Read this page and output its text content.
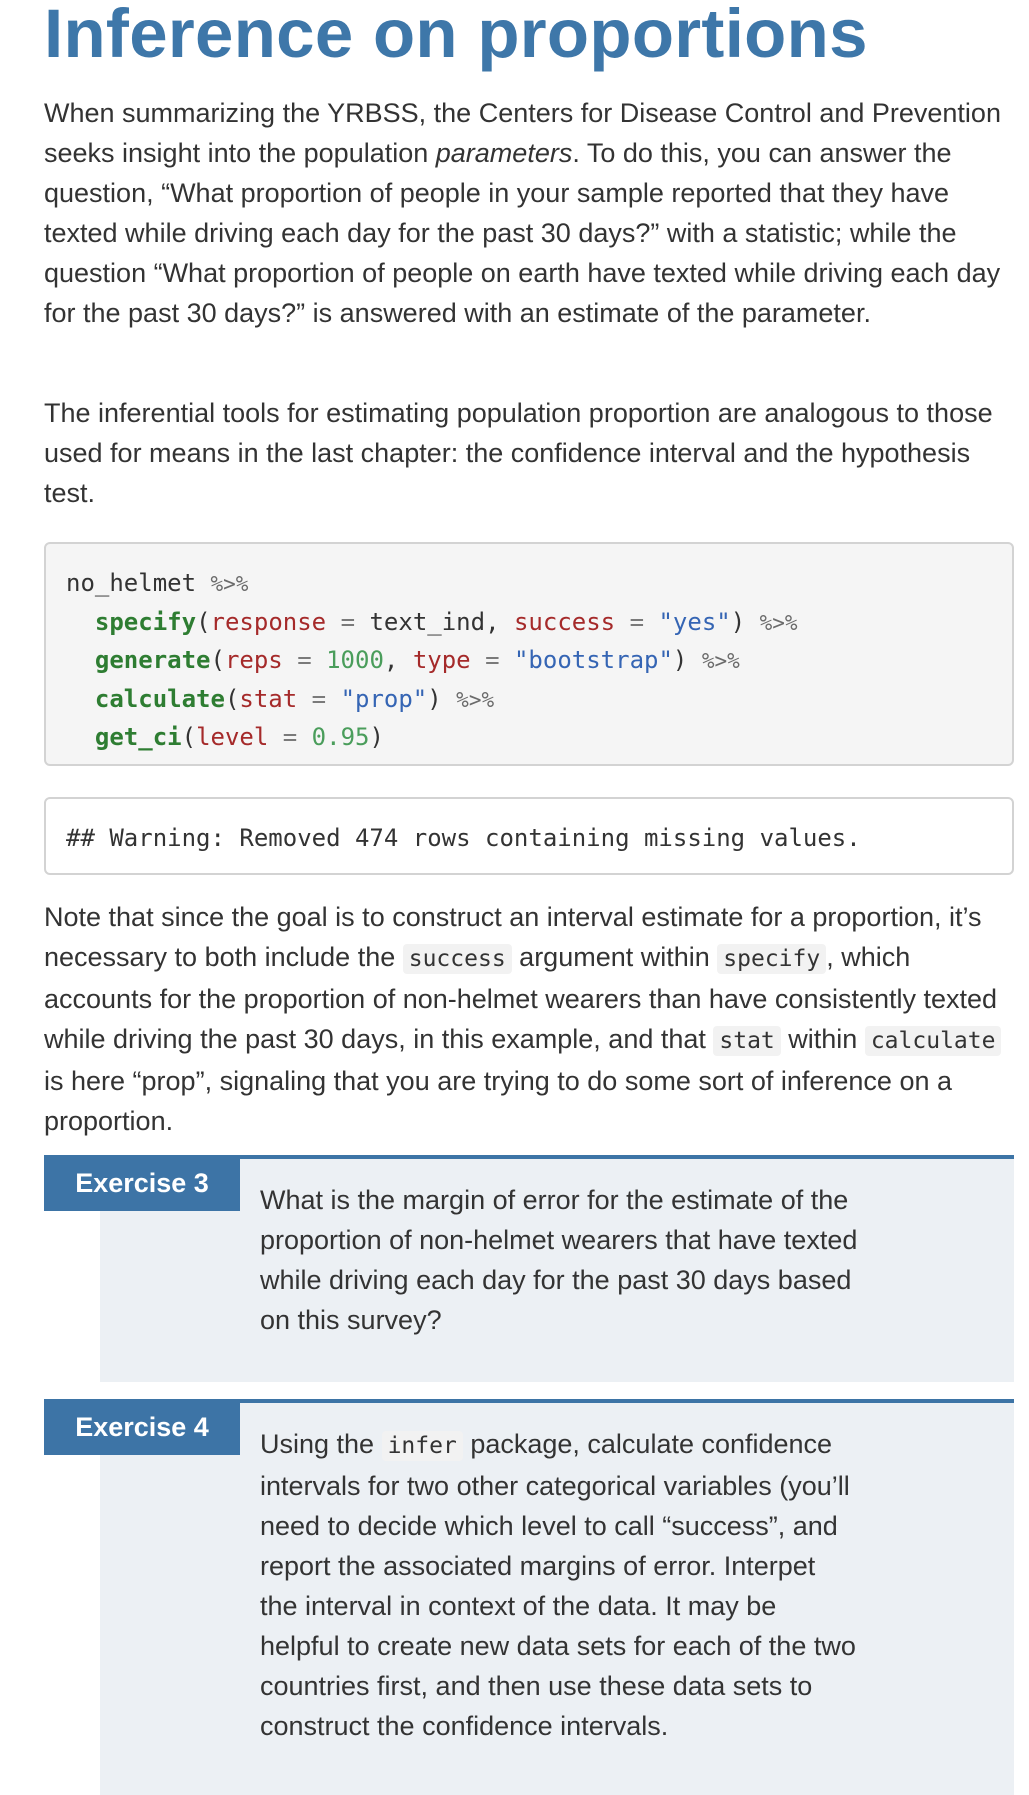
Inference on proportions

When summarizing the YRBSS, the Centers for Disease Control and Prevention seeks insight into the population parameters. To do this, you can answer the question, “What proportion of people in your sample reported that they have texted while driving each day for the past 30 days?” with a statistic; while the question “What proportion of people on earth have texted while driving each day for the past 30 days?” is answered with an estimate of the parameter.

The inferential tools for estimating population proportion are analogous to those used for means in the last chapter: the confidence interval and the hypothesis test.

no_helmet %>%
specify(response = text_ind, success = "yes") %>%
generate(reps = 1000, type = "bootstrap") %>%
calculate(stat = "prop") %>%
get_ci(level = 0.95)
## Warning: Removed 474 rows containing missing values.

Note that since the goal is to construct an interval estimate for a proportion, it’s necessary to both include the success argument within specify , which accounts for the proportion of non-helmet wearers than have consistently texted while driving the past 30 days, in this example, and that stat within calculate is here “prop”, signaling that you are trying to do some sort of inference on a proportion.

Exercise 3

What is the margin of error for the estimate of the proportion of non-helmet wearers that have texted while driving each day for the past 30 days based on this survey?

Exercise 4

Using the infer package, calculate confidence intervals for two other categorical variables (you’ll need to decide which level to call “success”, and report the associated margins of error. Interpet the interval in context of the data. It may be helpful to create new data sets for each of the two countries first, and then use these data sets to construct the confidence intervals.
